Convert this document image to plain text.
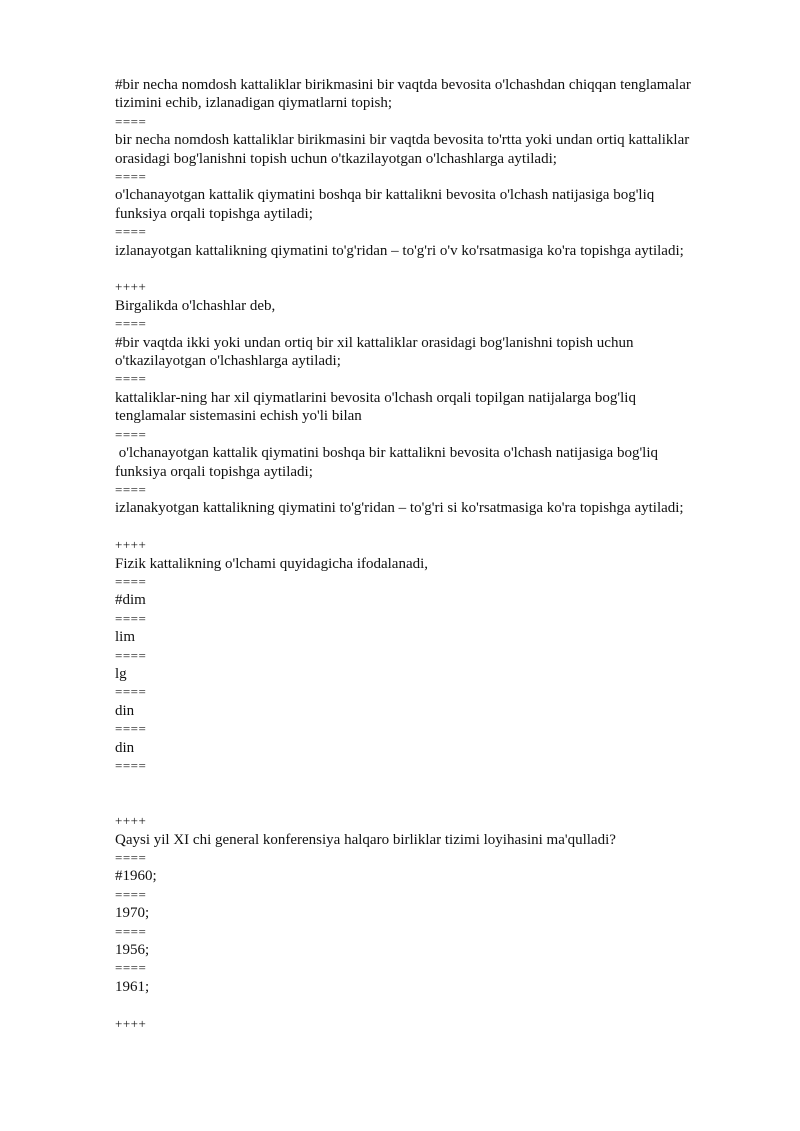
#bir necha nomdosh kattaliklar birikmasini bir vaqtda bevosita o'lchashdan chiqqan tenglamalar
tizimini echib, izlanadigan qiymatlarni topish;
====
bir necha nomdosh kattaliklar birikmasini bir vaqtda bevosita to'rtta yoki undan ortiq kattaliklar
orasidagi bog'lanishni topish uchun o'tkazilayotgan o'lchashlarga aytiladi;
====
o'lchanayotgan kattalik qiymatini boshqa bir kattalikni bevosita o'lchash natijasiga bog'liq
funksiya orqali topishga aytiladi;
====
izlanayotgan kattalikning qiymatini to'g'ridan – to'g'ri o'v ko'rsatmasiga ko'ra topishga aytiladi;
++++
Birgalikda o'lchashlar deb,
====
#bir vaqtda ikki yoki undan ortiq bir xil kattaliklar orasidagi bog'lanishni topish uchun
o'tkazilayotgan o'lchashlarga aytiladi;
====
kattaliklar-ning har xil qiymatlarini bevosita o'lchash orqali topilgan natijalarga bog'liq
tenglamalar sistemasini echish yo'li bilan
====
o'lchanayotgan kattalik qiymatini boshqa bir kattalikni bevosita o'lchash natijasiga bog'liq
funksiya orqali topishga aytiladi;
====
izlanakyotgan kattalikning qiymatini to'g'ridan – to'g'ri si ko'rsatmasiga ko'ra topishga aytiladi;
++++
Fizik kattalikning o'lchami quyidagicha ifodalanadi,
====
#dim
====
lim
====
lg
====
din
====
din
====
++++
Qaysi yil XI chi general konferensiya halqaro birliklar tizimi loyihasini ma'qulladi?
====
#1960;
====
1970;
====
1956;
====
1961;
++++
